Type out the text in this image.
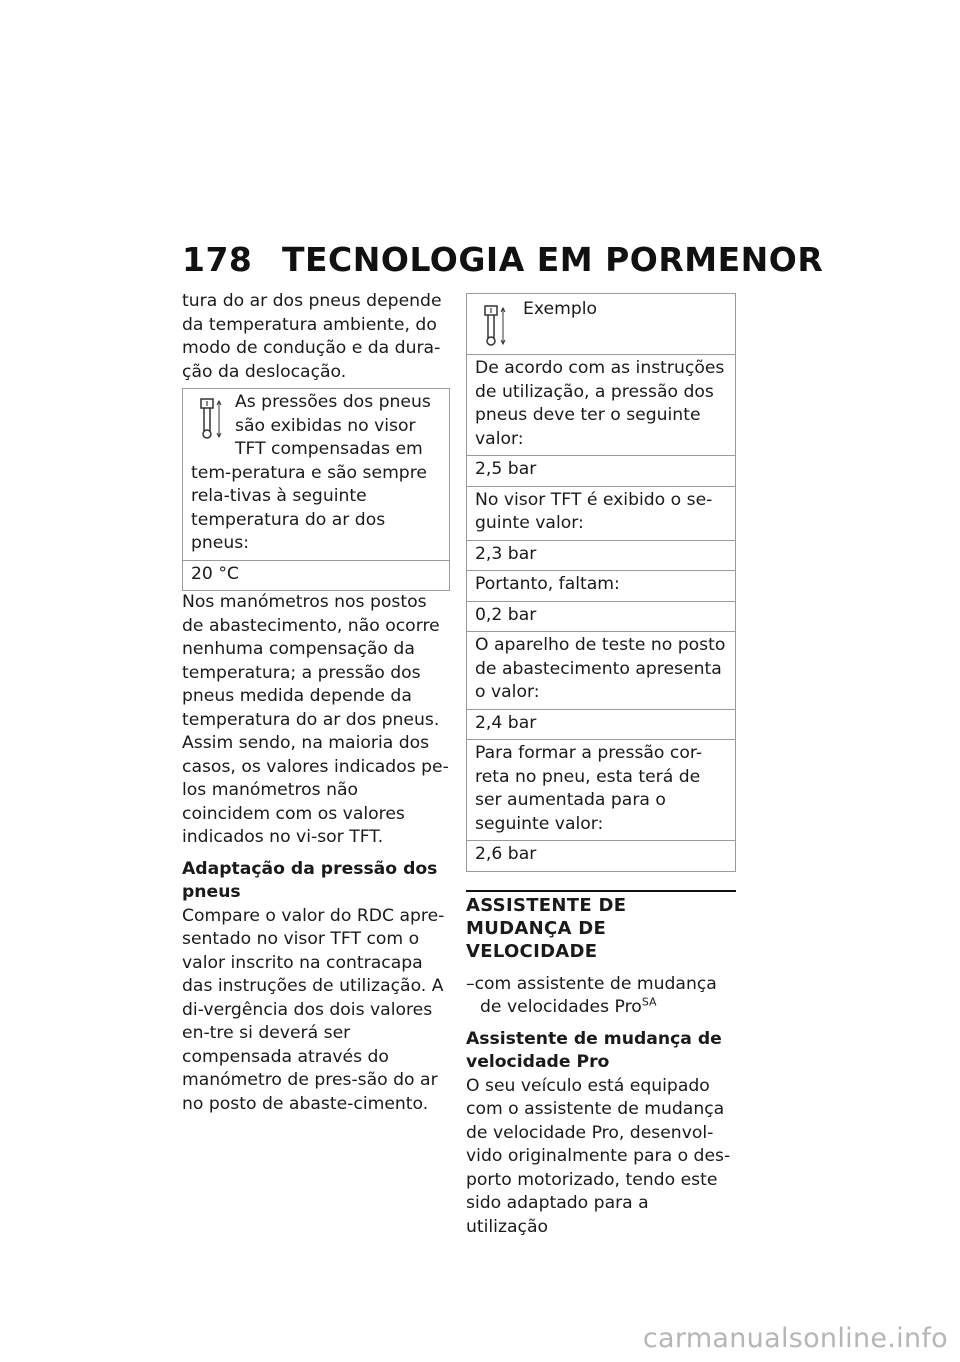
178 TECNOLOGIA EM PORMENOR

tura do ar dos pneus depende da temperatura ambiente, do modo de condução e da dura-ção da deslocação.

As pressões dos pneus são exibidas no visor TFT compensadas em tem-peratura e são sempre rela-tivas à seguinte temperatura do ar dos pneus:
20 °C

Nos manómetros nos postos de abastecimento, não ocorre nenhuma compensação da temperatura; a pressão dos pneus medida depende da temperatura do ar dos pneus. Assim sendo, na maioria dos casos, os valores indicados pe-los manómetros não coincidem com os valores indicados no vi-sor TFT.

Adaptação da pressão dos pneus

Compare o valor do RDC apre-sentado no visor TFT com o valor inscrito na contracapa das instruções de utilização. A di-vergência dos dois valores en-tre si deverá ser compensada através do manómetro de pres-são do ar no posto de abaste-cimento.

Exemplo
De acordo com as instruções de utilização, a pressão dos pneus deve ter o seguinte valor:
2,5 bar
No visor TFT é exibido o se-guinte valor:
2,3 bar
Portanto, faltam:
0,2 bar
O aparelho de teste no posto de abastecimento apresenta o valor:
2,4 bar
Para formar a pressão cor-reta no pneu, esta terá de ser aumentada para o seguinte valor:
2,6 bar

ASSISTENTE DE MUDANÇA DE VELOCIDADE

–com assistente de mudança de velocidades Pro$^{SA}$

Assistente de mudança de velocidade Pro

O seu veículo está equipado com o assistente de mudança de velocidade Pro, desenvol-vido originalmente para o des-porto motorizado, tendo este sido adaptado para a utilização

carmanualsonline.info
